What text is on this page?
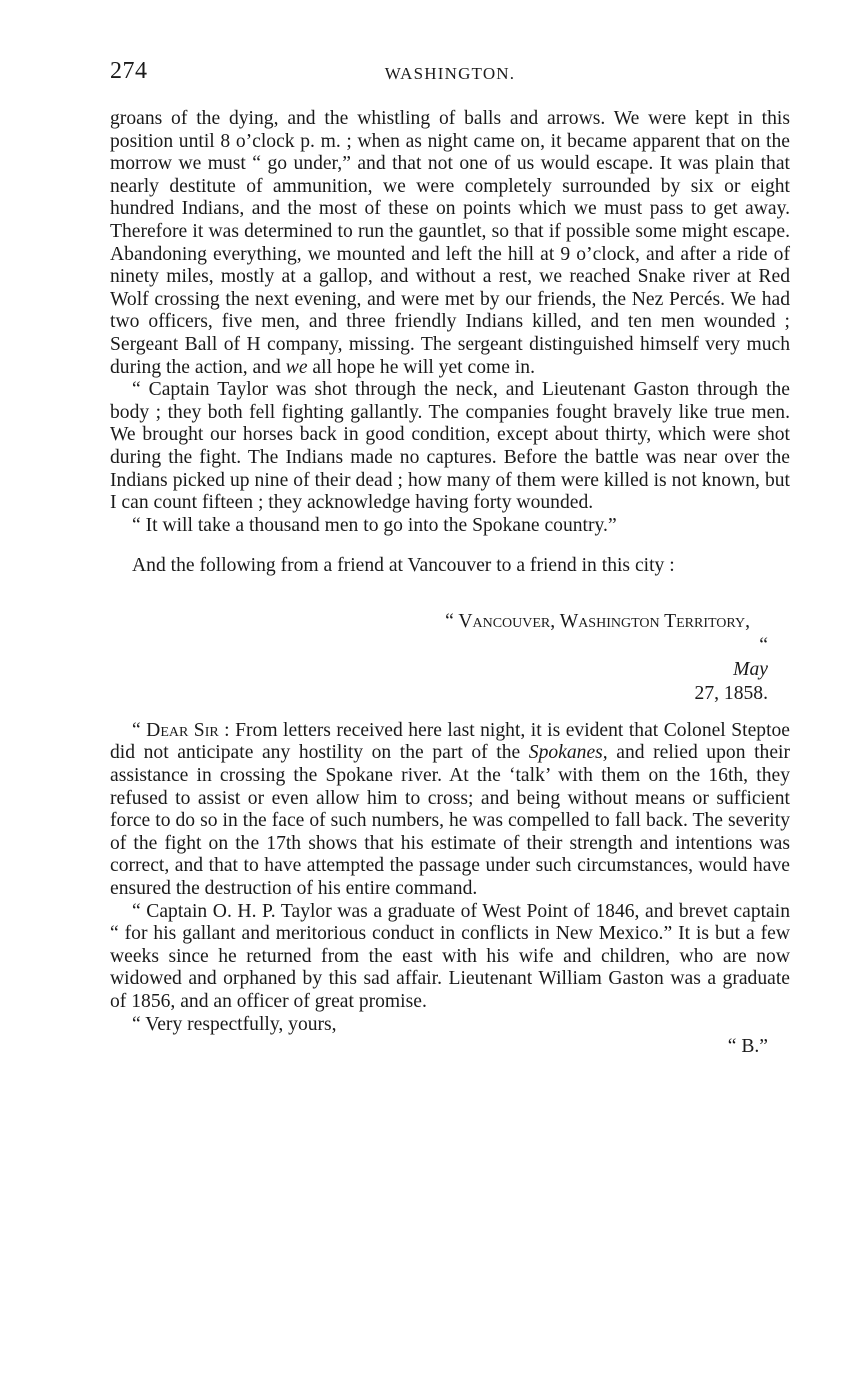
274	WASHINGTON.

groans of the dying, and the whistling of balls and arrows. We were kept in this position until 8 o’clock p. m. ; when as night came on, it became apparent that on the morrow we must “ go under,” and that not one of us would escape. It was plain that nearly destitute of ammunition, we were completely surrounded by six or eight hundred Indians, and the most of these on points which we must pass to get away. Therefore it was determined to run the gauntlet, so that if possible some might escape. Abandoning everything, we mounted and left the hill at 9 o’clock, and after a ride of ninety miles, mostly at a gallop, and without a rest, we reached Snake river at Red Wolf crossing the next evening, and were met by our friends, the Nez Percés. We had two officers, five men, and three friendly Indians killed, and ten men wounded ; Sergeant Ball of H company, missing. The sergeant distinguished himself very much during the action, and we all hope he will yet come in.

“ Captain Taylor was shot through the neck, and Lieutenant Gaston through the body ; they both fell fighting gallantly. The companies fought bravely like true men. We brought our horses back in good condition, except about thirty, which were shot during the fight. The Indians made no captures. Before the battle was near over the Indians picked up nine of their dead ; how many of them were killed is not known, but I can count fifteen ; they acknowledge having forty wounded.

“ It will take a thousand men to go into the Spokane country.”

And the following from a friend at Vancouver to a friend in this city :

“ Vancouver, Washington Territory,
“
May
27, 1858.

“ Dear Sir : From letters received here last night, it is evident that Colonel Steptoe did not anticipate any hostility on the part of the Spokanes, and relied upon their assistance in crossing the Spokane river. At the ‘talk’ with them on the 16th, they refused to assist or even allow him to cross; and being without means or sufficient force to do so in the face of such numbers, he was compelled to fall back. The severity of the fight on the 17th shows that his estimate of their strength and intentions was correct, and that to have attempted the passage under such circumstances, would have ensured the destruction of his entire command.

“ Captain O. H. P. Taylor was a graduate of West Point of 1846, and brevet captain “ for his gallant and meritorious conduct in conflicts in New Mexico.” It is but a few weeks since he returned from the east with his wife and children, who are now widowed and orphaned by this sad affair. Lieutenant William Gaston was a graduate of 1856, and an officer of great promise.

“ Very respectfully, yours,
“ B.”
